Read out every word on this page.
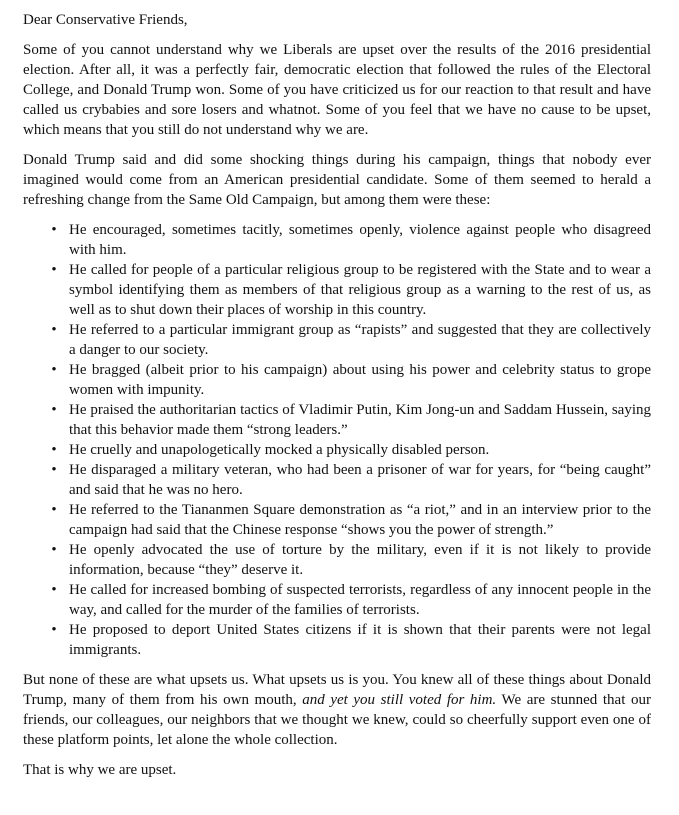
Dear Conservative Friends,

Some of you cannot understand why we Liberals are upset over the results of the 2016 presidential election. After all, it was a perfectly fair, democratic election that followed the rules of the Electoral College, and Donald Trump won. Some of you have criticized us for our reaction to that result and have called us crybabies and sore losers and whatnot. Some of you feel that we have no cause to be upset, which means that you still do not understand why we are.

Donald Trump said and did some shocking things during his campaign, things that nobody ever imagined would come from an American presidential candidate. Some of them seemed to herald a refreshing change from the Same Old Campaign, but among them were these:

• He encouraged, sometimes tacitly, sometimes openly, violence against people who disagreed with him.
• He called for people of a particular religious group to be registered with the State and to wear a symbol identifying them as members of that religious group as a warning to the rest of us, as well as to shut down their places of worship in this country.
• He referred to a particular immigrant group as “rapists” and suggested that they are collectively a danger to our society.
• He bragged (albeit prior to his campaign) about using his power and celebrity status to grope women with impunity.
• He praised the authoritarian tactics of Vladimir Putin, Kim Jong-un and Saddam Hussein, saying that this behavior made them “strong leaders.”
• He cruelly and unapologetically mocked a physically disabled person.
• He disparaged a military veteran, who had been a prisoner of war for years, for “being caught” and said that he was no hero.
• He referred to the Tiananmen Square demonstration as “a riot,” and in an interview prior to the campaign had said that the Chinese response “shows you the power of strength.”
• He openly advocated the use of torture by the military, even if it is not likely to provide information, because “they” deserve it.
• He called for increased bombing of suspected terrorists, regardless of any innocent people in the way, and called for the murder of the families of terrorists.
• He proposed to deport United States citizens if it is shown that their parents were not legal immigrants.

But none of these are what upsets us. What upsets us is you. You knew all of these things about Donald Trump, many of them from his own mouth, and yet you still voted for him. We are stunned that our friends, our colleagues, our neighbors that we thought we knew, could so cheerfully support even one of these platform points, let alone the whole collection.

That is why we are upset.
